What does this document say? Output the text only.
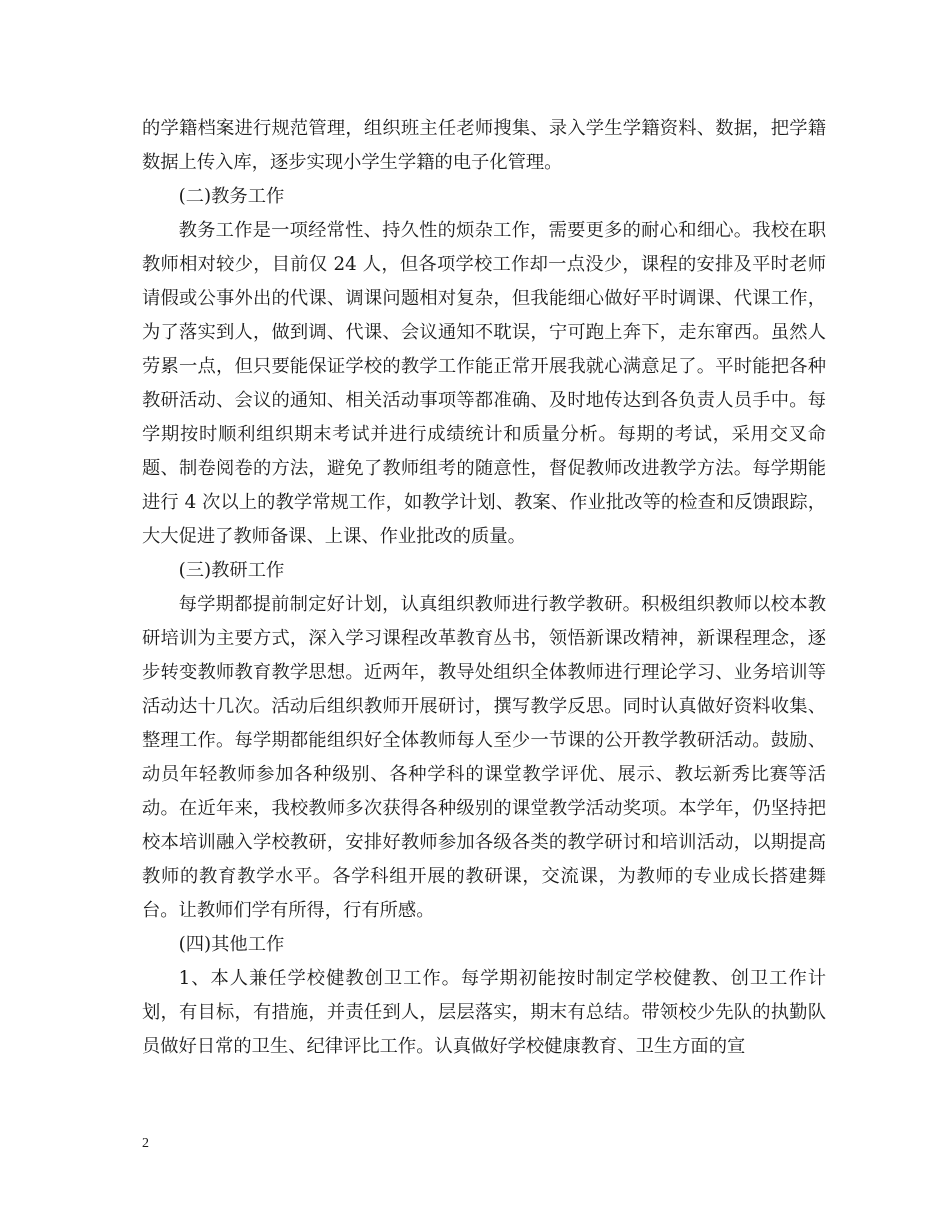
的学籍档案进行规范管理，组织班主任老师搜集、录入学生学籍资料、数据，把学籍数据上传入库，逐步实现小学生学籍的电子化管理。

(二)教务工作

教务工作是一项经常性、持久性的烦杂工作，需要更多的耐心和细心。我校在职教师相对较少，目前仅 24 人，但各项学校工作却一点没少，课程的安排及平时老师请假或公事外出的代课、调课问题相对复杂，但我能细心做好平时调课、代课工作，为了落实到人，做到调、代课、会议通知不耽误，宁可跑上奔下，走东窜西。虽然人劳累一点，但只要能保证学校的教学工作能正常开展我就心满意足了。平时能把各种教研活动、会议的通知、相关活动事项等都准确、及时地传达到各负责人员手中。每学期按时顺利组织期末考试并进行成绩统计和质量分析。每期的考试，采用交叉命题、制卷阅卷的方法，避免了教师组考的随意性，督促教师改进教学方法。每学期能进行 4 次以上的教学常规工作，如教学计划、教案、作业批改等的检查和反馈跟踪，大大促进了教师备课、上课、作业批改的质量。

(三)教研工作

每学期都提前制定好计划，认真组织教师进行教学教研。积极组织教师以校本教研培训为主要方式，深入学习课程改革教育丛书，领悟新课改精神，新课程理念，逐步转变教师教育教学思想。近两年，教导处组织全体教师进行理论学习、业务培训等活动达十几次。活动后组织教师开展研讨，撰写教学反思。同时认真做好资料收集、整理工作。每学期都能组织好全体教师每人至少一节课的公开教学教研活动。鼓励、动员年轻教师参加各种级别、各种学科的课堂教学评优、展示、教坛新秀比赛等活动。在近年来，我校教师多次获得各种级别的课堂教学活动奖项。本学年，仍坚持把校本培训融入学校教研，安排好教师参加各级各类的教学研讨和培训活动，以期提高教师的教育教学水平。各学科组开展的教研课，交流课，为教师的专业成长搭建舞台。让教师们学有所得，行有所感。

(四)其他工作

1、本人兼任学校健教创卫工作。每学期初能按时制定学校健教、创卫工作计划，有目标，有措施，并责任到人，层层落实，期末有总结。带领校少先队的执勤队员做好日常的卫生、纪律评比工作。认真做好学校健康教育、卫生方面的宣

2
